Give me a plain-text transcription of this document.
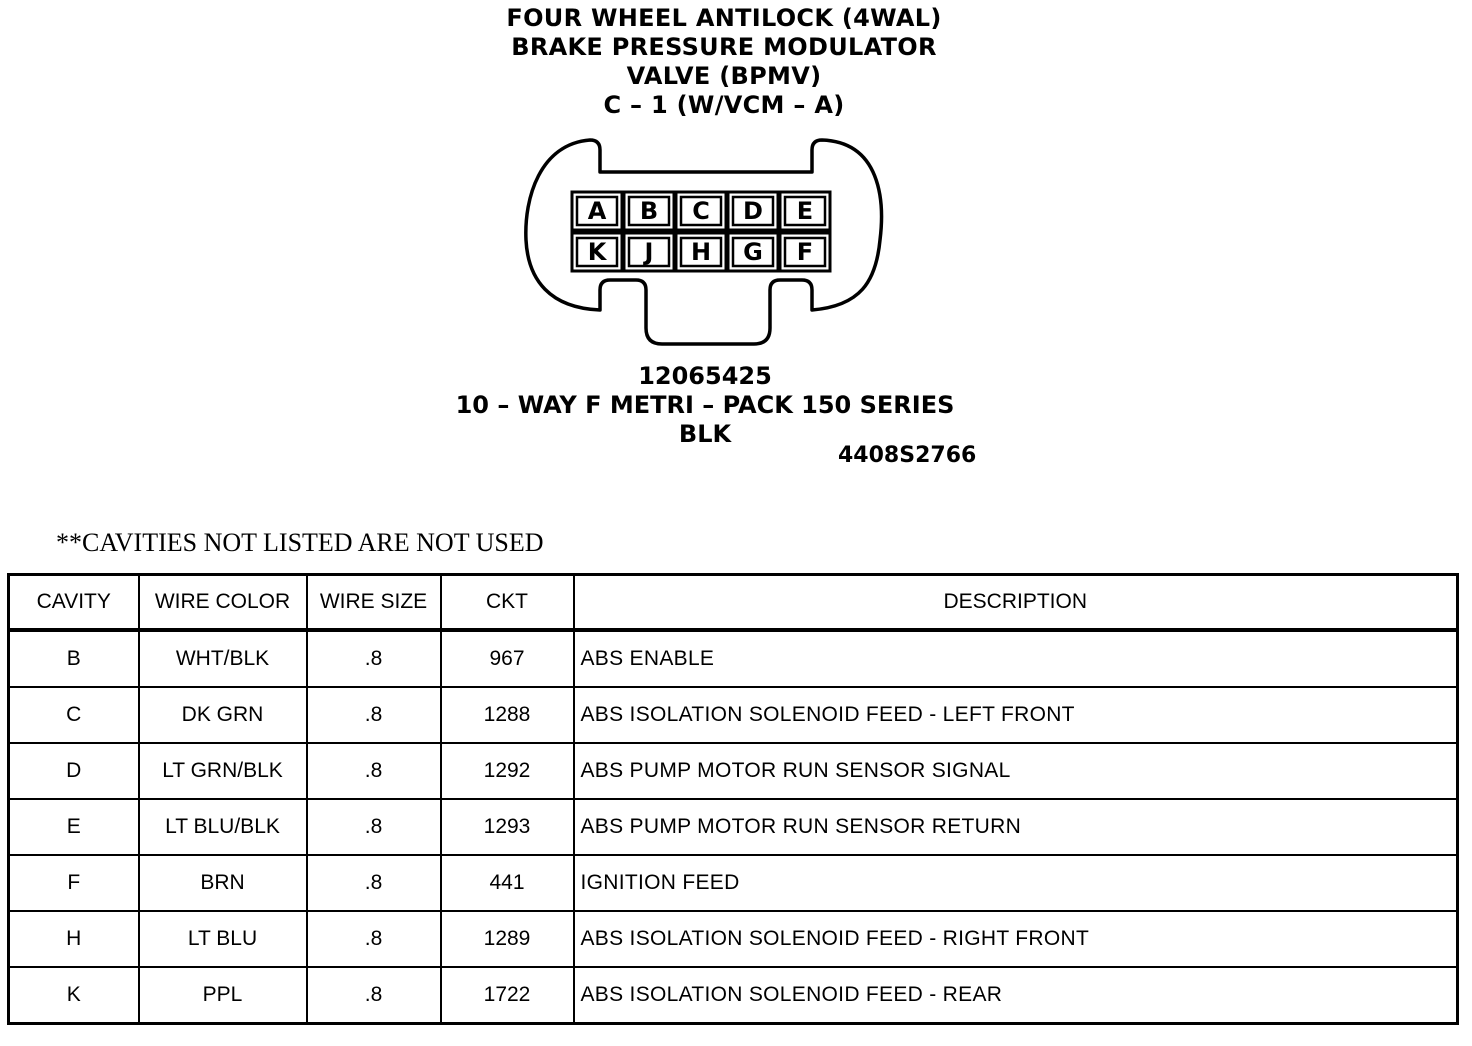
FOUR WHEEL ANTILOCK (4WAL)
BRAKE PRESSURE MODULATOR
VALVE (BPMV)
C – 1 (W/VCM – A)
A B C D E
K J H G F
12065425
10 – WAY F METRI – PACK 150 SERIES
BLK
4408S2766
**CAVITIES NOT LISTED ARE NOT USED
CAVITY	WIRE COLOR	WIRE SIZE	CKT	DESCRIPTION
B	WHT/BLK	.8	967	ABS ENABLE
C	DK GRN	.8	1288	ABS ISOLATION SOLENOID FEED - LEFT FRONT
D	LT GRN/BLK	.8	1292	ABS PUMP MOTOR RUN SENSOR SIGNAL
E	LT BLU/BLK	.8	1293	ABS PUMP MOTOR RUN SENSOR RETURN
F	BRN	.8	441	IGNITION FEED
H	LT BLU	.8	1289	ABS ISOLATION SOLENOID FEED - RIGHT FRONT
K	PPL	.8	1722	ABS ISOLATION SOLENOID FEED - REAR
